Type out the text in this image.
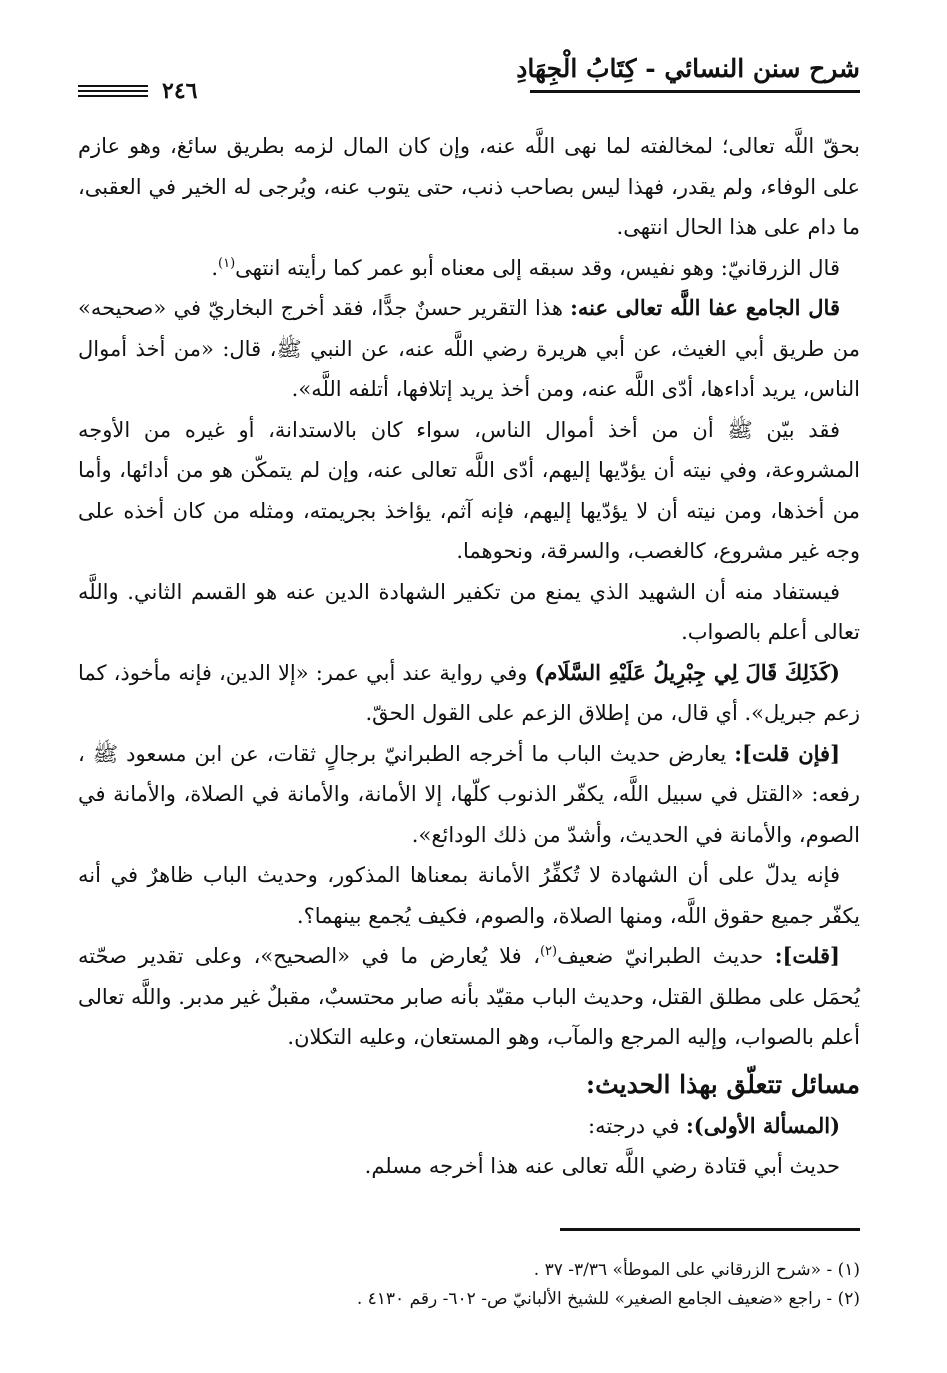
شرح سنن النسائي - كِتَابُ الْجِهَادِ
٢٤٦

بحقّ اللَّه تعالى؛ لمخالفته لما نهى اللَّه عنه، وإن كان المال لزمه بطريق سائغ، وهو عازم على الوفاء، ولم يقدر، فهذا ليس بصاحب ذنب، حتى يتوب عنه، ويُرجى له الخير في العقبى، ما دام على هذا الحال انتهى.

قال الزرقانيّ: وهو نفيس، وقد سبقه إلى معناه أبو عمر كما رأيته انتهى$^{(١)}$.

قال الجامع عفا اللَّه تعالى عنه: هذا التقرير حسنٌ جدًّا، فقد أخرج البخاريّ في «صحيحه» من طريق أبي الغيث، عن أبي هريرة رضي اللَّه عنه، عن النبي ﷺ، قال: «من أخذ أموال الناس، يريد أداءها، أدّى اللَّه عنه، ومن أخذ يريد إتلافها، أتلفه اللَّه».

فقد بيّن ﷺ أن من أخذ أموال الناس، سواء كان بالاستدانة، أو غيره من الأوجه المشروعة، وفي نيته أن يؤدّيها إليهم، أدّى اللَّه تعالى عنه، وإن لم يتمكّن هو من أدائها، وأما من أخذها، ومن نيته أن لا يؤدّيها إليهم، فإنه آثم، يؤاخذ بجريمته، ومثله من كان أخذه على وجه غير مشروع، كالغصب، والسرقة، ونحوهما.

فيستفاد منه أن الشهيد الذي يمنع من تكفير الشهادة الدين عنه هو القسم الثاني. واللَّه تعالى أعلم بالصواب.

(كَذَلِكَ قَالَ لِي جِبْرِيلُ عَلَيْهِ السَّلَام) وفي رواية عند أبي عمر: «إلا الدين، فإنه مأخوذ، كما زعم جبريل». أي قال، من إطلاق الزعم على القول الحقّ.

[فإن قلت]: يعارض حديث الباب ما أخرجه الطبرانيّ برجالٍ ثقات، عن ابن مسعود ﷺ ، رفعه: «القتل في سبيل اللَّه، يكفّر الذنوب كلّها، إلا الأمانة، والأمانة في الصلاة، والأمانة في الصوم، والأمانة في الحديث، وأشدّ من ذلك الودائع».

فإنه يدلّ على أن الشهادة لا تُكفِّرُ الأمانة بمعناها المذكور، وحديث الباب ظاهرٌ في أنه يكفّر جميع حقوق اللَّه، ومنها الصلاة، والصوم، فكيف يُجمع بينهما؟.

[قلت]: حديث الطبرانيّ ضعيف$^{(٢)}$، فلا يُعارض ما في «الصحيح»، وعلى تقدير صحّته يُحمَل على مطلق القتل، وحديث الباب مقيّد بأنه صابر محتسبٌ، مقبلٌ غير مدبر. واللَّه تعالى أعلم بالصواب، وإليه المرجع والمآب، وهو المستعان، وعليه التكلان.

مسائل تتعلّق بهذا الحديث:

(المسألة الأولى): في درجته:

حديث أبي قتادة رضي اللَّه تعالى عنه هذا أخرجه مسلم.

(١) - «شرح الزرقاني على الموطأ» ٣/٣٦- ٣٧ .

(٢) - راجع «ضعيف الجامع الصغير» للشيخ الألبانيّ ص- ٦٠٢- رقم ٤١٣٠ .
